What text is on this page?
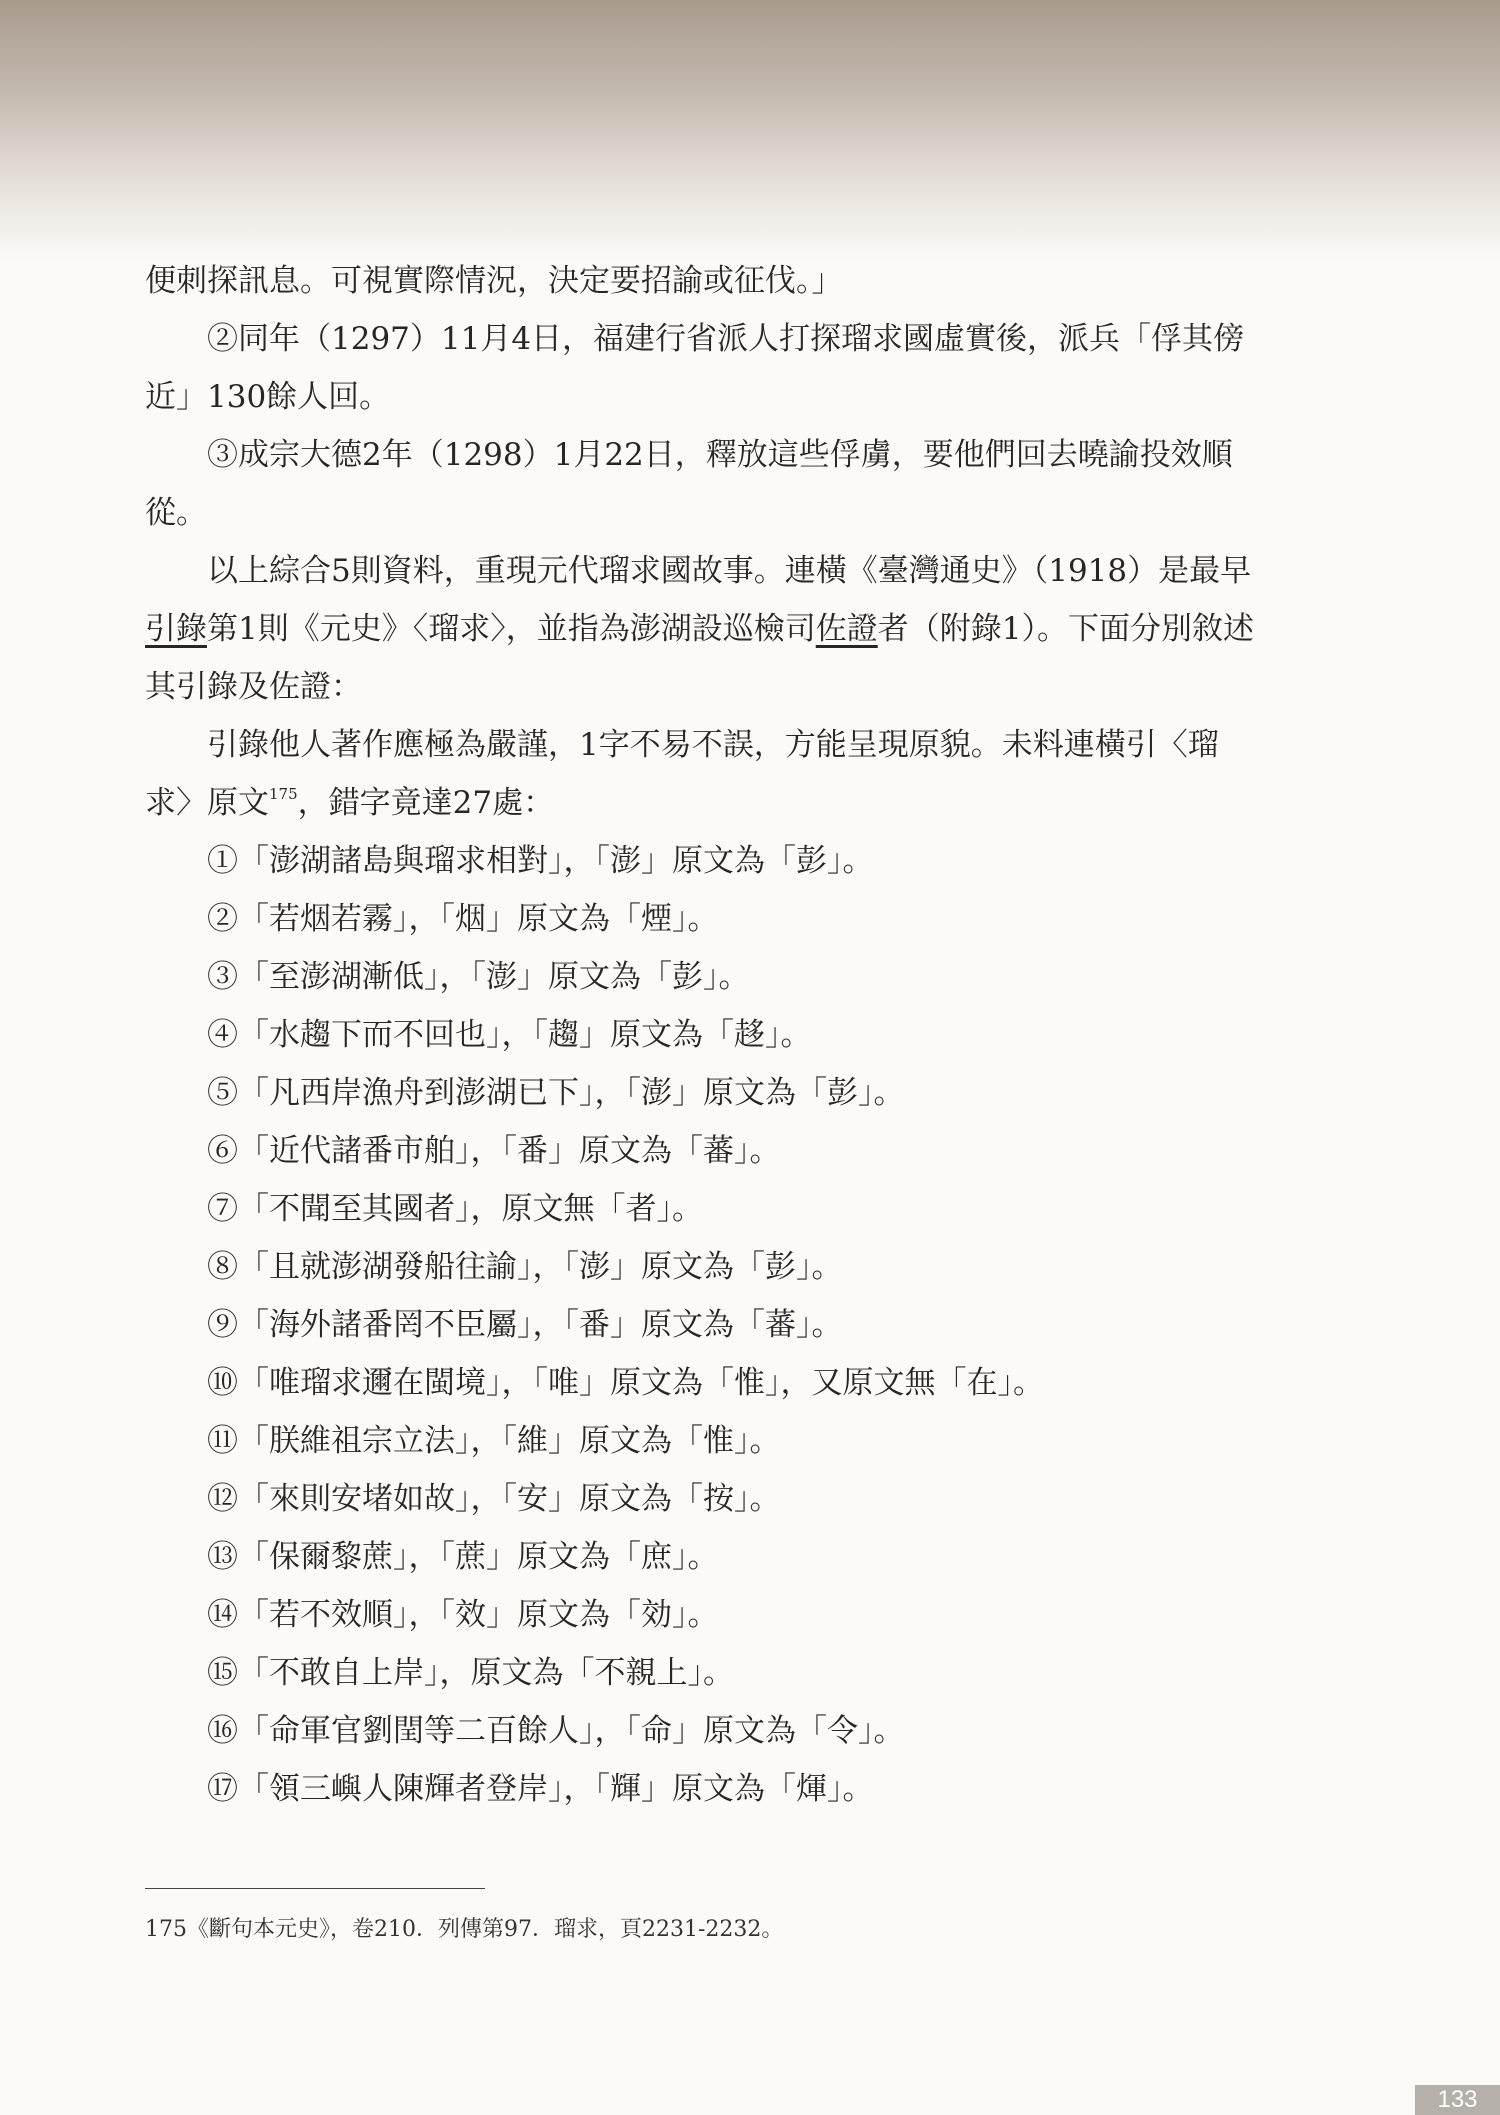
便刺探訊息。可視實際情況，決定要招諭或征伐。」

②同年（1297）11月4日，福建行省派人打探瑠求國虛實後，派兵「俘其傍近」130餘人回。

③成宗大德2年（1298）1月22日，釋放這些俘虜，要他們回去曉諭投效順從。

以上綜合5則資料，重現元代瑠求國故事。連橫《臺灣通史》（1918）是最早引錄第1則《元史》〈瑠求〉，並指為澎湖設巡檢司佐證者（附錄1）。下面分別敘述其引錄及佐證：

引錄他人著作應極為嚴謹，1字不易不誤，方能呈現原貌。未料連橫引〈瑠求〉原文$^{175}$，錯字竟達27處：

①「澎湖諸島與瑠求相對」，「澎」原文為「彭」。
②「若烟若霧」，「烟」原文為「煙」。
③「至澎湖漸低」，「澎」原文為「彭」。
④「水趨下而不回也」，「趨」原文為「趍」。
⑤「凡西岸漁舟到澎湖已下」，「澎」原文為「彭」。
⑥「近代諸番市舶」，「番」原文為「蕃」。
⑦「不聞至其國者」，原文無「者」。
⑧「且就澎湖發船往諭」，「澎」原文為「彭」。
⑨「海外諸番罔不臣屬」，「番」原文為「蕃」。
⑩「唯瑠求邇在閩境」，「唯」原文為「惟」，又原文無「在」。
⑪「朕維祖宗立法」，「維」原文為「惟」。
⑫「來則安堵如故」，「安」原文為「按」。
⑬「保爾黎蔗」，「蔗」原文為「庶」。
⑭「若不效順」，「效」原文為「効」。
⑮「不敢自上岸」，原文為「不親上」。
⑯「命軍官劉閏等二百餘人」，「命」原文為「令」。
⑰「領三嶼人陳輝者登岸」，「輝」原文為「煇」。
175《斷句本元史》，卷210．列傳第97．瑠求，頁2231-2232。
133
